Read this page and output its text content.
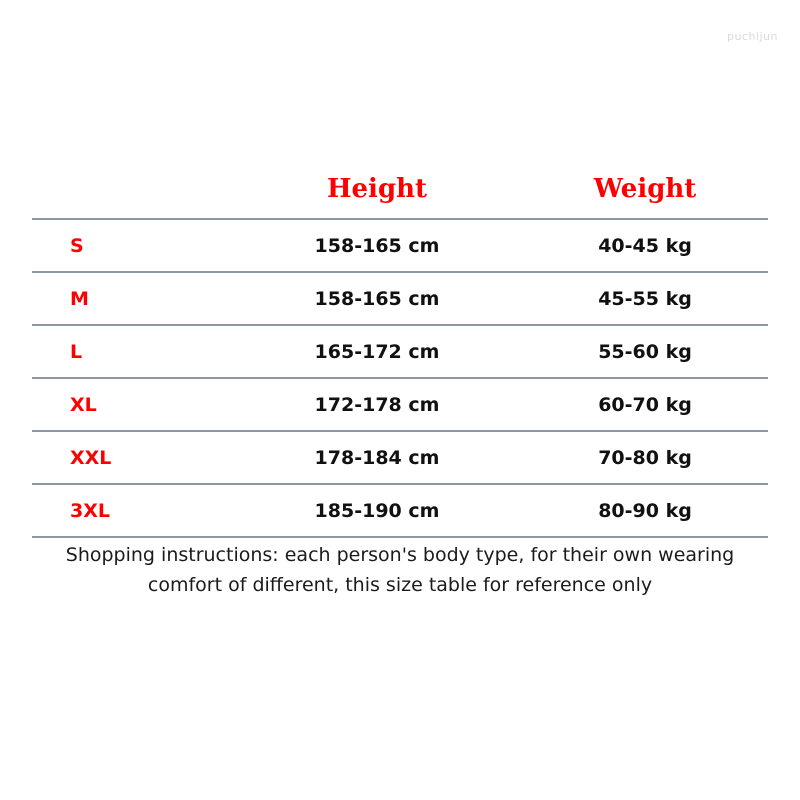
puchijun
	Height	Weight
S	158-165 cm	40-45 kg
M	158-165 cm	45-55 kg
L	165-172 cm	55-60 kg
XL	172-178 cm	60-70 kg
XXL	178-184 cm	70-80 kg
3XL	185-190 cm	80-90 kg
Shopping instructions: each person's body type, for their own wearing
comfort of different, this size table for reference only
